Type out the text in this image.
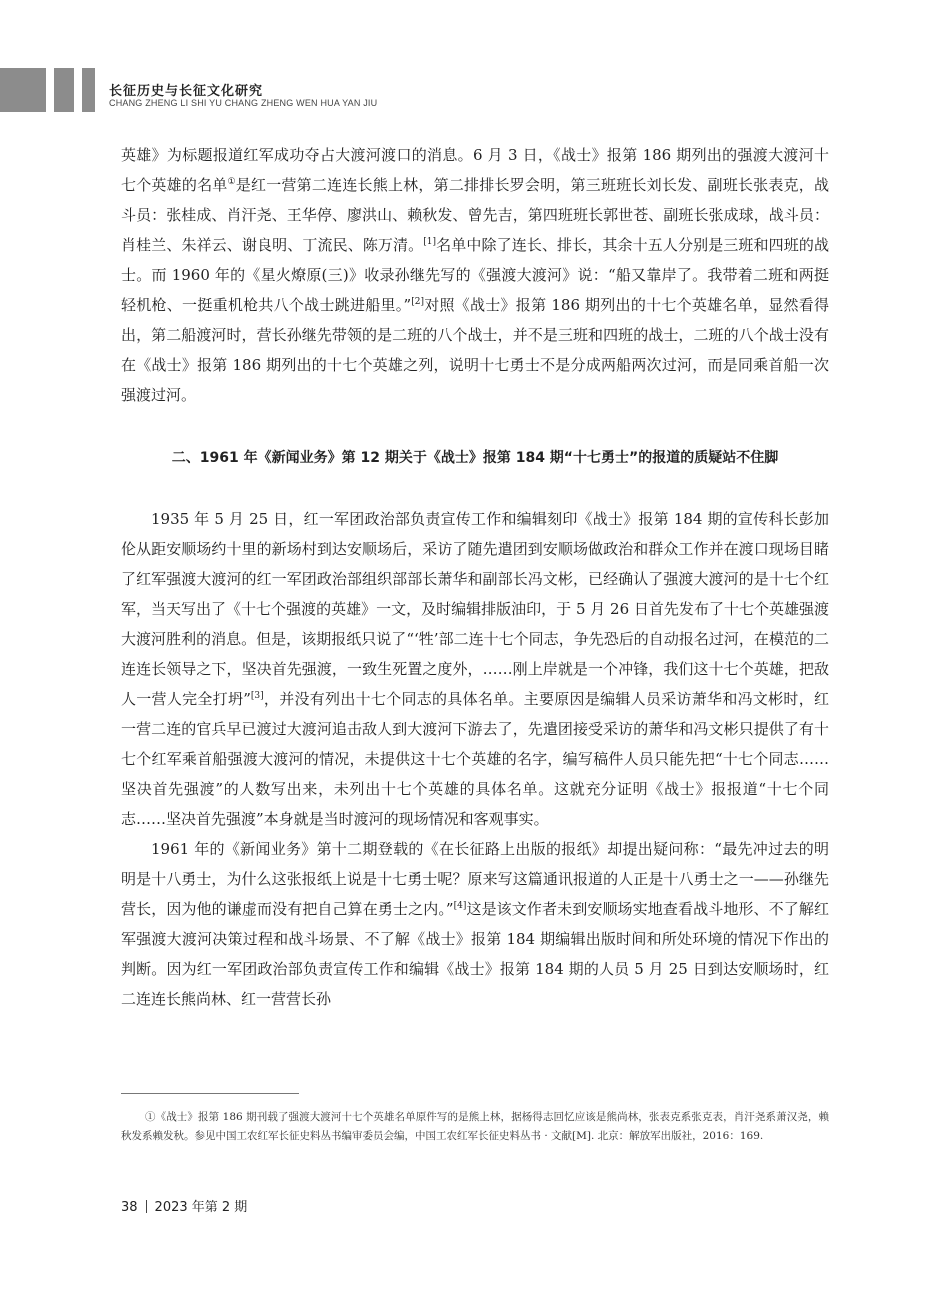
长征历史与长征文化研究
CHANG ZHENG LI SHI YU CHANG ZHENG WEN HUA YAN JIU

英雄》为标题报道红军成功夺占大渡河渡口的消息。6 月 3 日，《战士》报第 186 期列出的强渡大渡河十七个英雄的名单①是红一营第二连连长熊上林，第二排排长罗会明，第三班班长刘长发、副班长张表克，战斗员：张桂成、肖汗尧、王华停、廖洪山、赖秋发、曾先吉，第四班班长郭世苍、副班长张成球，战斗员：肖桂兰、朱祥云、谢良明、丁流民、陈万清。[1]名单中除了连长、排长，其余十五人分别是三班和四班的战士。而 1960 年的《星火燎原(三)》收录孙继先写的《强渡大渡河》说：“船又靠岸了。我带着二班和两挺轻机枪、一挺重机枪共八个战士跳进船里。”[2]对照《战士》报第 186 期列出的十七个英雄名单，显然看得出，第二船渡河时，营长孙继先带领的是二班的八个战士，并不是三班和四班的战士，二班的八个战士没有在《战士》报第 186 期列出的十七个英雄之列，说明十七勇士不是分成两船两次过河，而是同乘首船一次强渡过河。

二、1961 年《新闻业务》第 12 期关于《战士》报第 184 期“十七勇士”的报道的质疑站不住脚

1935 年 5 月 25 日，红一军团政治部负责宣传工作和编辑刻印《战士》报第 184 期的宣传科长彭加伦从距安顺场约十里的新场村到达安顺场后，采访了随先遣团到安顺场做政治和群众工作并在渡口现场目睹了红军强渡大渡河的红一军团政治部组织部部长萧华和副部长冯文彬，已经确认了强渡大渡河的是十七个红军，当天写出了《十七个强渡的英雄》一文，及时编辑排版油印，于 5 月 26 日首先发布了十七个英雄强渡大渡河胜利的消息。但是，该期报纸只说了“‘牲’部二连十七个同志，争先恐后的自动报名过河，在模范的二连连长领导之下，坚决首先强渡，一致生死置之度外，……刚上岸就是一个冲锋，我们这十七个英雄，把敌人一营人完全打坍”[3]，并没有列出十七个同志的具体名单。主要原因是编辑人员采访萧华和冯文彬时，红一营二连的官兵早已渡过大渡河追击敌人到大渡河下游去了，先遣团接受采访的萧华和冯文彬只提供了有十七个红军乘首船强渡大渡河的情况，未提供这十七个英雄的名字，编写稿件人员只能先把“十七个同志……坚决首先强渡”的人数写出来，未列出十七个英雄的具体名单。这就充分证明《战士》报报道“十七个同志……坚决首先强渡”本身就是当时渡河的现场情况和客观事实。

1961 年的《新闻业务》第十二期登载的《在长征路上出版的报纸》却提出疑问称：“最先冲过去的明明是十八勇士，为什么这张报纸上说是十七勇士呢？原来写这篇通讯报道的人正是十八勇士之一——孙继先营长，因为他的谦虚而没有把自己算在勇士之内。”[4]这是该文作者未到安顺场实地查看战斗地形、不了解红军强渡大渡河决策过程和战斗场景、不了解《战士》报第 184 期编辑出版时间和所处环境的情况下作出的判断。因为红一军团政治部负责宣传工作和编辑《战士》报第 184 期的人员 5 月 25 日到达安顺场时，红二连连长熊尚林、红一营营长孙

①《战士》报第 186 期刊载了强渡大渡河十七个英雄名单原件写的是熊上林，据杨得志回忆应该是熊尚林，张表克系张克表，肖汗尧系萧汉尧，赖秋发系赖发秋。参见中国工农红军长征史料丛书编审委员会编，中国工农红军长征史料丛书 · 文献[M]. 北京：解放军出版社，2016：169.
38 2023 年第 2 期
